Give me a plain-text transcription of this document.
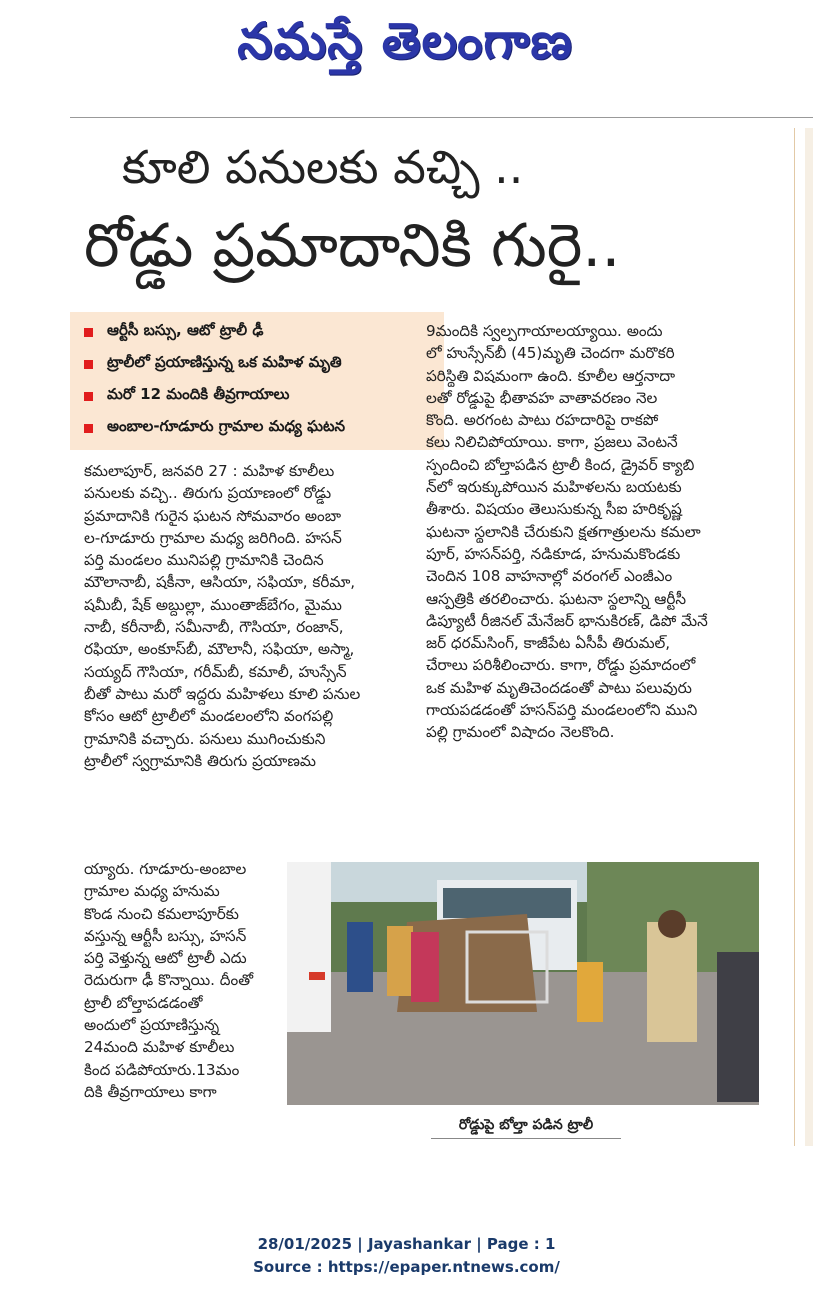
నమస్తే తెలంగాణ
కూలి పనులకు వచ్చి ..
రోడ్డు ప్రమాదానికి గురై..
ఆర్టీసీ బస్సు, ఆటో ట్రాలీ ఢీ
ట్రాలీలో ప్రయాణిస్తున్న ఒక మహిళ మృతి
మరో 12 మందికి తీవ్రగాయాలు
అంబాల-గూడూరు గ్రామాల మధ్య ఘటన
కమలాపూర్, జనవరి 27 : మహిళ కూలీలు
పనులకు వచ్చి.. తిరుగు ప్రయాణంలో రోడ్డు
ప్రమాదానికి గురైన ఘటన సోమవారం అంబా
ల-గూడూరు గ్రామాల మధ్య జరిగింది. హసన్
పర్తి మండలం మునిపల్లి గ్రామానికి చెందిన
మౌలానాబీ, షకీనా, ఆసియా, సఫియా, కరీమా,
షమీబీ, షేక్ అబ్దుల్లా, ముంతాజ్‌బేగం, మైము
నాబీ, కరీనాబీ, సమీనాబీ, గౌసియా, రంజాన్,
రఫియా, అంకూస్‌బీ, మౌలానీ, సఫియా, అస్మా,
సయ్యద్ గౌసియా, గరీమ్‌బీ, కమాలీ, హుస్సేన్
బీతో పాటు మరో ఇద్దరు మహిళలు కూలి పనుల
కోసం ఆటో ట్రాలీలో మండలంలోని వంగపల్లి
గ్రామానికి వచ్చారు. పనులు ముగించుకుని
ట్రాలీలో స్వగ్రామానికి తిరుగు ప్రయాణమ
య్యారు. గూడూరు-అంబాల
గ్రామాల మధ్య హనుమ
కొండ నుంచి కమలాపూర్‌కు
వస్తున్న ఆర్టీసీ బస్సు, హసన్
పర్తి వెళ్తున్న ఆటో ట్రాలీ ఎదు
రెదురుగా ఢీ కొన్నాయి. దీంతో
ట్రాలీ బోల్తాపడడంతో
అందులో ప్రయాణిస్తున్న
24మంది మహిళ కూలీలు
కింద పడిపోయారు.13మం
దికి తీవ్రగాయాలు కాగా
9మందికి స్వల్పగాయాలయ్యాయి. అందు
లో హుస్సేన్‌బీ (45)మృతి చెందగా మరొకరి
పరిస్థితి విషమంగా ఉంది. కూలీల ఆర్తనాదా
లతో రోడ్డుపై భీతావహ వాతావరణం నెల
కొంది. అరగంట పాటు రహదారిపై రాకపో
కలు నిలిచిపోయాయి. కాగా, ప్రజలు వెంటనే
స్పందించి బోల్తాపడిన ట్రాలీ కింద, డ్రైవర్ క్యాబి
న్‌లో ఇరుక్కుపోయిన మహిళలను బయటకు
తీశారు. విషయం తెలుసుకున్న సీఐ హరికృష్ణ
ఘటనా స్థలానికి చేరుకుని క్షతగాత్రులను కమలా
పూర్, హసన్‌పర్తి, నడికూడ, హనుమకొండకు
చెందిన 108 వాహనాల్లో వరంగల్ ఎంజీఎం
ఆస్పత్రికి తరలించారు. ఘటనా స్థలాన్ని ఆర్టీసీ
డిప్యూటీ రీజినల్ మేనేజర్ భానుకిరణ్, డిపో మేనే
జర్ ధరమ్‌సింగ్, కాజీపేట ఏసీపీ తిరుమల్,
చేరాలు పరిశీలించారు. కాగా, రోడ్డు ప్రమాదంలో
ఒక మహిళ మృతిచెందడంతో పాటు పలువురు
గాయపడడంతో హసన్‌పర్తి మండలంలోని ముని
పల్లి గ్రామంలో విషాదం నెలకొంది.
రోడ్డుపై బోల్తా పడిన ట్రాలీ
28/01/2025 | Jayashankar | Page : 1
Source : https://epaper.ntnews.com/
